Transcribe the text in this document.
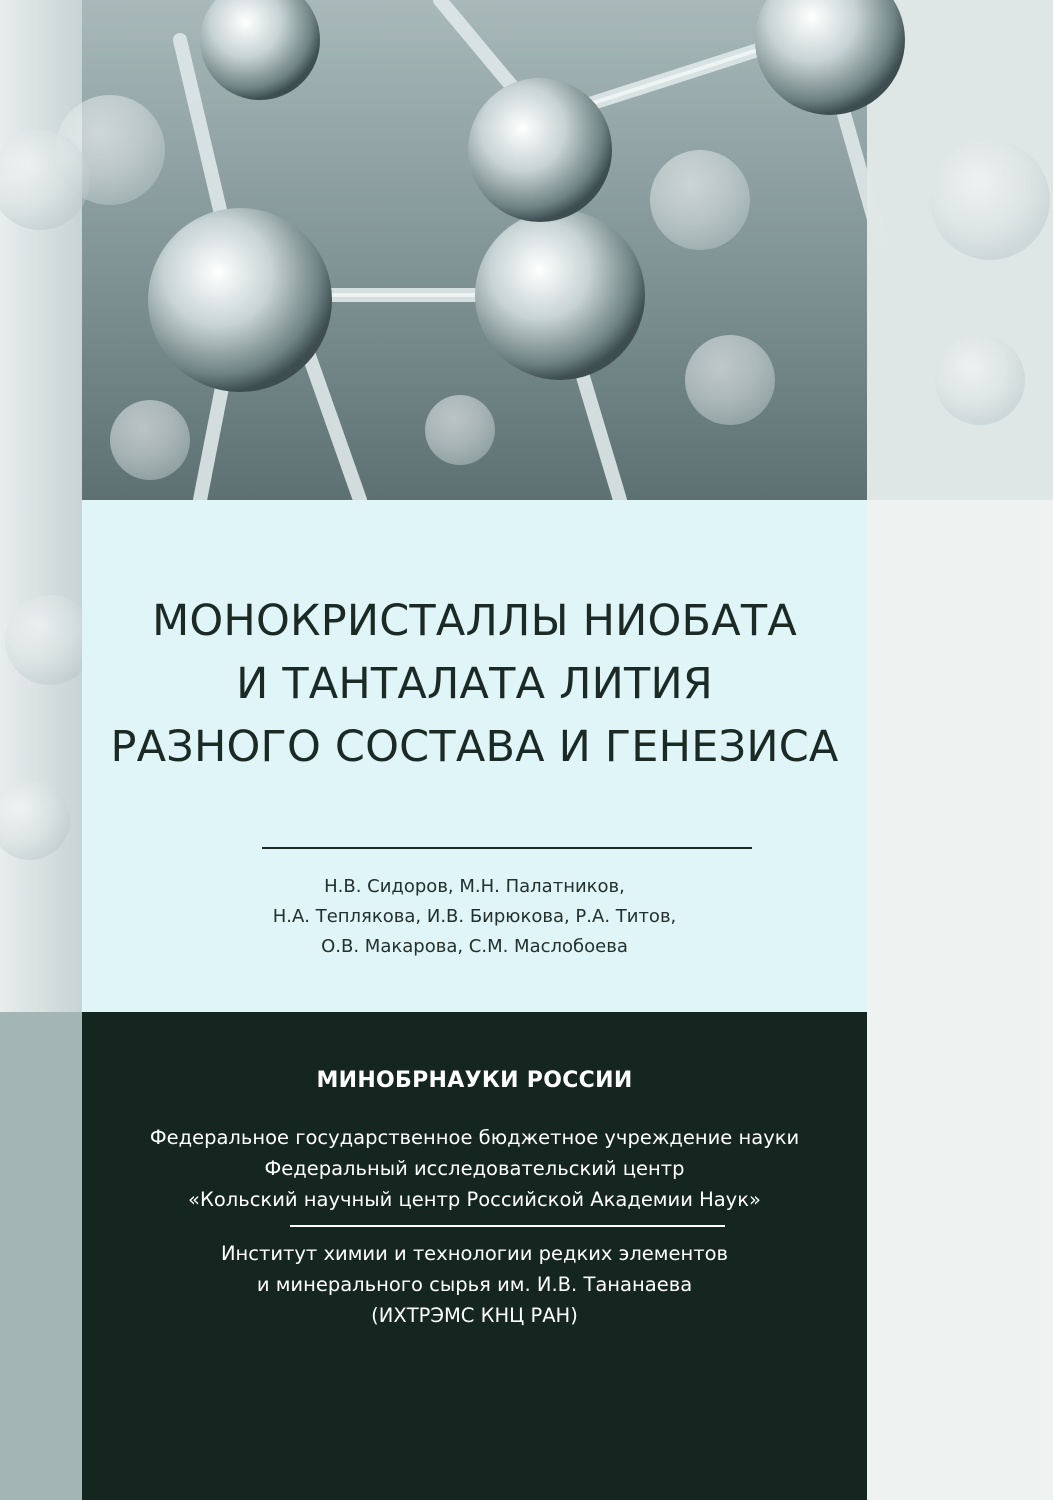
МОНОКРИСТАЛЛЫ НИОБАТА
И ТАНТАЛАТА ЛИТИЯ
РАЗНОГО СОСТАВА И ГЕНЕЗИСА
Н.В. Сидоров, М.Н. Палатников,
Н.А. Теплякова, И.В. Бирюкова, Р.А. Титов,
О.В. Макарова, С.М. Маслобоева
МИНОБРНАУКИ РОССИИ
Федеральное государственное бюджетное учреждение науки
Федеральный исследовательский центр
«Кольский научный центр Российской Академии Наук»
Институт химии и технологии редких элементов
и минерального сырья им. И.В. Тананаева
(ИХТРЭМС КНЦ РАН)
